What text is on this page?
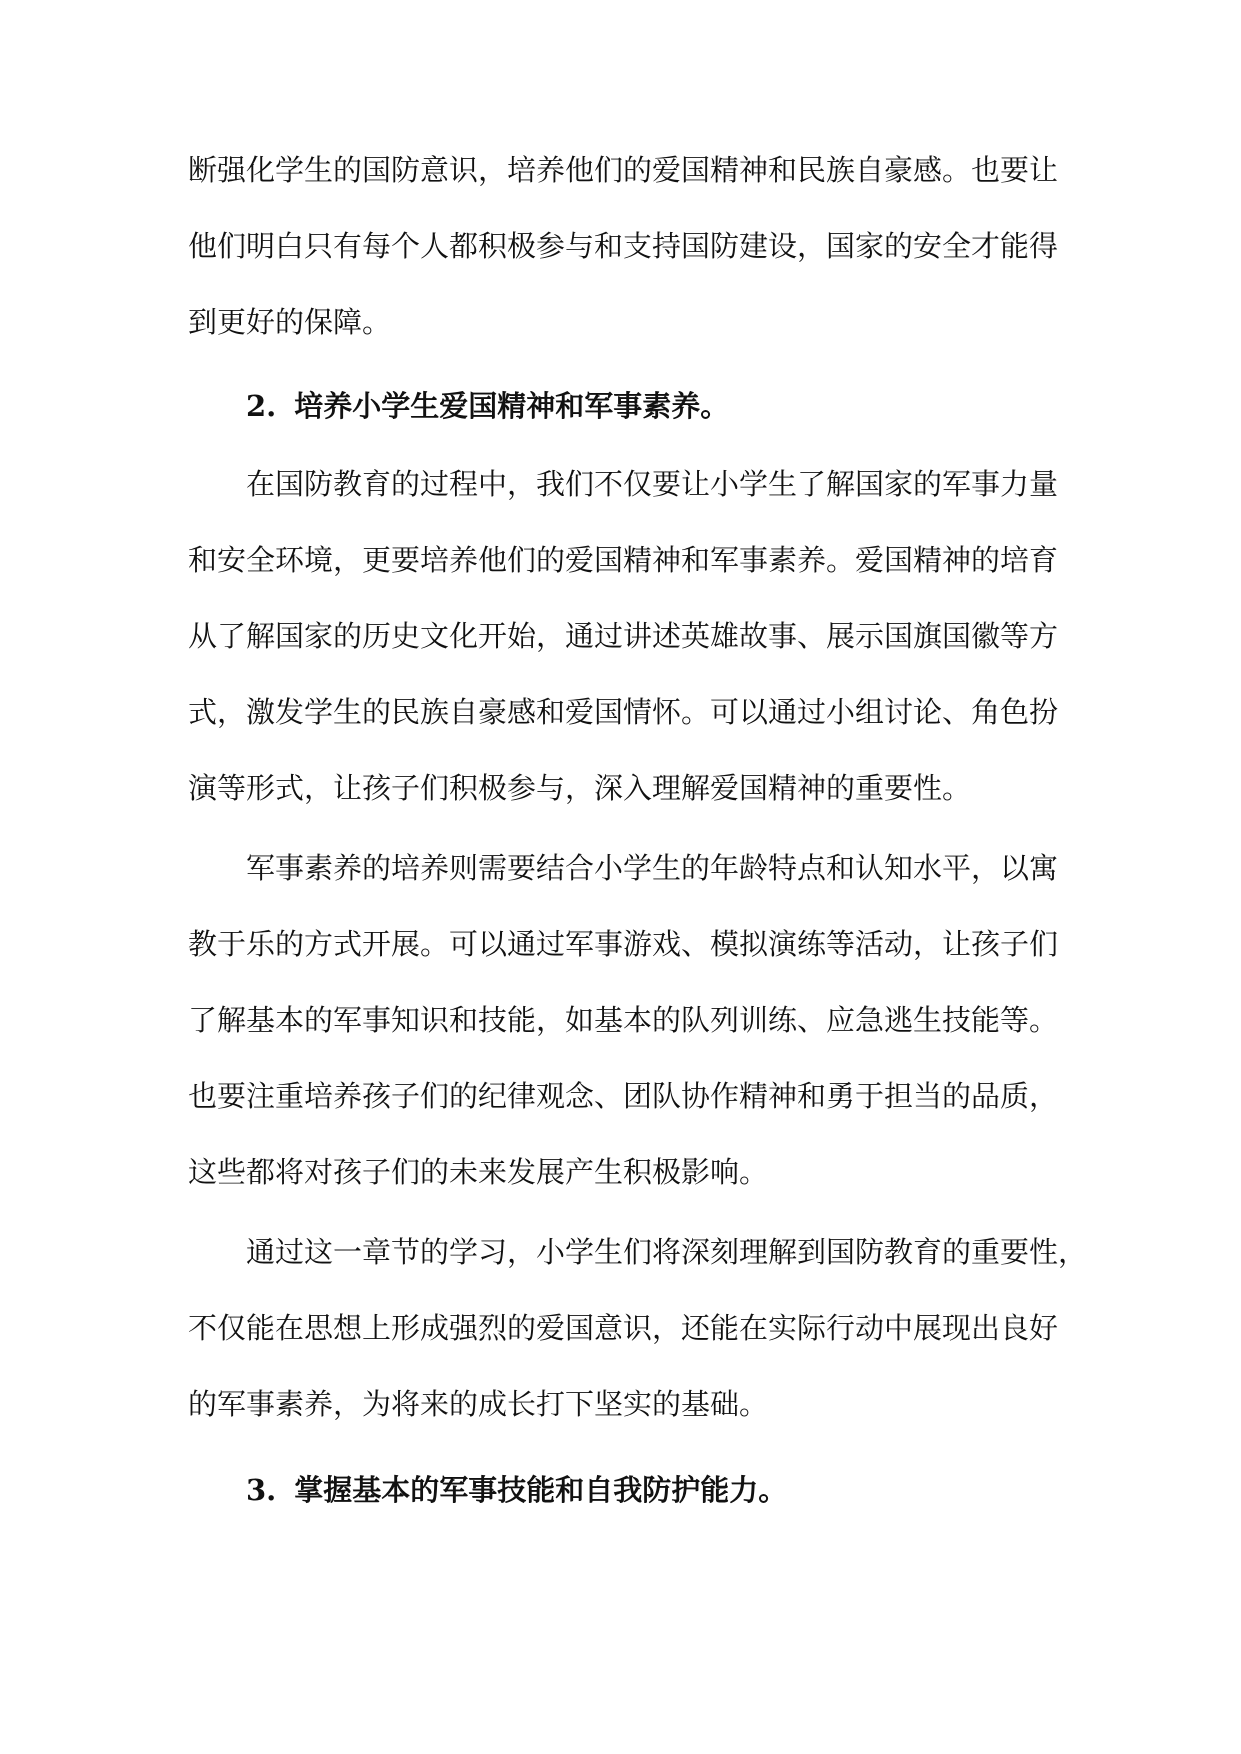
断强化学生的国防意识，培养他们的爱国精神和民族自豪感。也要让
他们明白只有每个人都积极参与和支持国防建设，国家的安全才能得
到更好的保障。
2. 培养小学生爱国精神和军事素养。
在国防教育的过程中，我们不仅要让小学生了解国家的军事力量
和安全环境，更要培养他们的爱国精神和军事素养。爱国精神的培育
从了解国家的历史文化开始，通过讲述英雄故事、展示国旗国徽等方
式，激发学生的民族自豪感和爱国情怀。可以通过小组讨论、角色扮
演等形式，让孩子们积极参与，深入理解爱国精神的重要性。
军事素养的培养则需要结合小学生的年龄特点和认知水平，以寓
教于乐的方式开展。可以通过军事游戏、模拟演练等活动，让孩子们
了解基本的军事知识和技能，如基本的队列训练、应急逃生技能等。
也要注重培养孩子们的纪律观念、团队协作精神和勇于担当的品质，
这些都将对孩子们的未来发展产生积极影响。
通过这一章节的学习，小学生们将深刻理解到国防教育的重要性，
不仅能在思想上形成强烈的爱国意识，还能在实际行动中展现出良好
的军事素养，为将来的成长打下坚实的基础。
3. 掌握基本的军事技能和自我防护能力。
